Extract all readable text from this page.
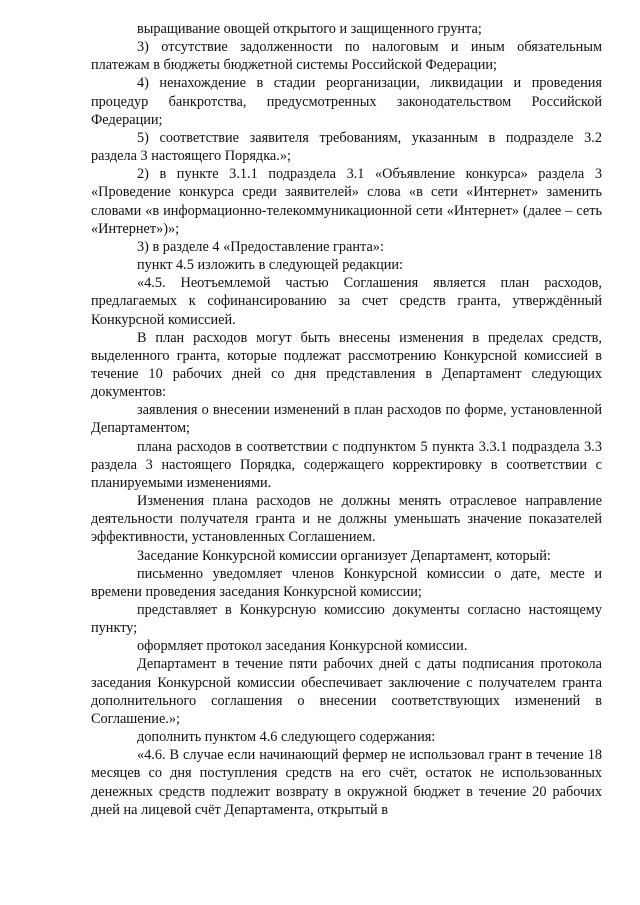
выращивание овощей открытого и защищенного грунта;

3) отсутствие задолженности по налоговым и иным обязательным платежам в бюджеты бюджетной системы Российской Федерации;

4) ненахождение в стадии реорганизации, ликвидации и проведения процедур банкротства, предусмотренных законодательством Российской Федерации;

5) соответствие заявителя требованиям, указанным в подразделе 3.2 раздела 3 настоящего Порядка.»;

2) в пункте 3.1.1 подраздела 3.1 «Объявление конкурса» раздела 3 «Проведение конкурса среди заявителей» слова «в сети «Интернет» заменить словами «в информационно-телекоммуникационной сети «Интернет» (далее – сеть «Интернет»)»;

3) в разделе 4 «Предоставление гранта»:

пункт 4.5 изложить в следующей редакции:

«4.5. Неотъемлемой частью Соглашения является план расходов, предлагаемых к софинансированию за счет средств гранта, утверждённый Конкурсной комиссией.

В план расходов могут быть внесены изменения в пределах средств, выделенного гранта, которые подлежат рассмотрению Конкурсной комиссией в течение 10 рабочих дней со дня представления в Департамент следующих документов:

заявления о внесении изменений в план расходов по форме, установленной Департаментом;

плана расходов в соответствии с подпунктом 5 пункта 3.3.1 подраздела 3.3 раздела 3 настоящего Порядка, содержащего корректировку в соответствии с планируемыми изменениями.

Изменения плана расходов не должны менять отраслевое направление деятельности получателя гранта и не должны уменьшать значение показателей эффективности, установленных Соглашением.

Заседание Конкурсной комиссии организует Департамент, который:

письменно уведомляет членов Конкурсной комиссии о дате, месте и времени проведения заседания Конкурсной комиссии;

представляет в Конкурсную комиссию документы согласно настоящему пункту;

оформляет протокол заседания Конкурсной комиссии.

Департамент в течение пяти рабочих дней с даты подписания протокола заседания Конкурсной комиссии обеспечивает заключение с получателем гранта дополнительного соглашения о внесении соответствующих изменений в Соглашение.»;

дополнить пунктом 4.6 следующего содержания:

«4.6. В случае если начинающий фермер не использовал грант в течение 18 месяцев со дня поступления средств на его счёт, остаток не использованных денежных средств подлежит возврату в окружной бюджет в течение 20 рабочих дней на лицевой счёт Департамента, открытый в
